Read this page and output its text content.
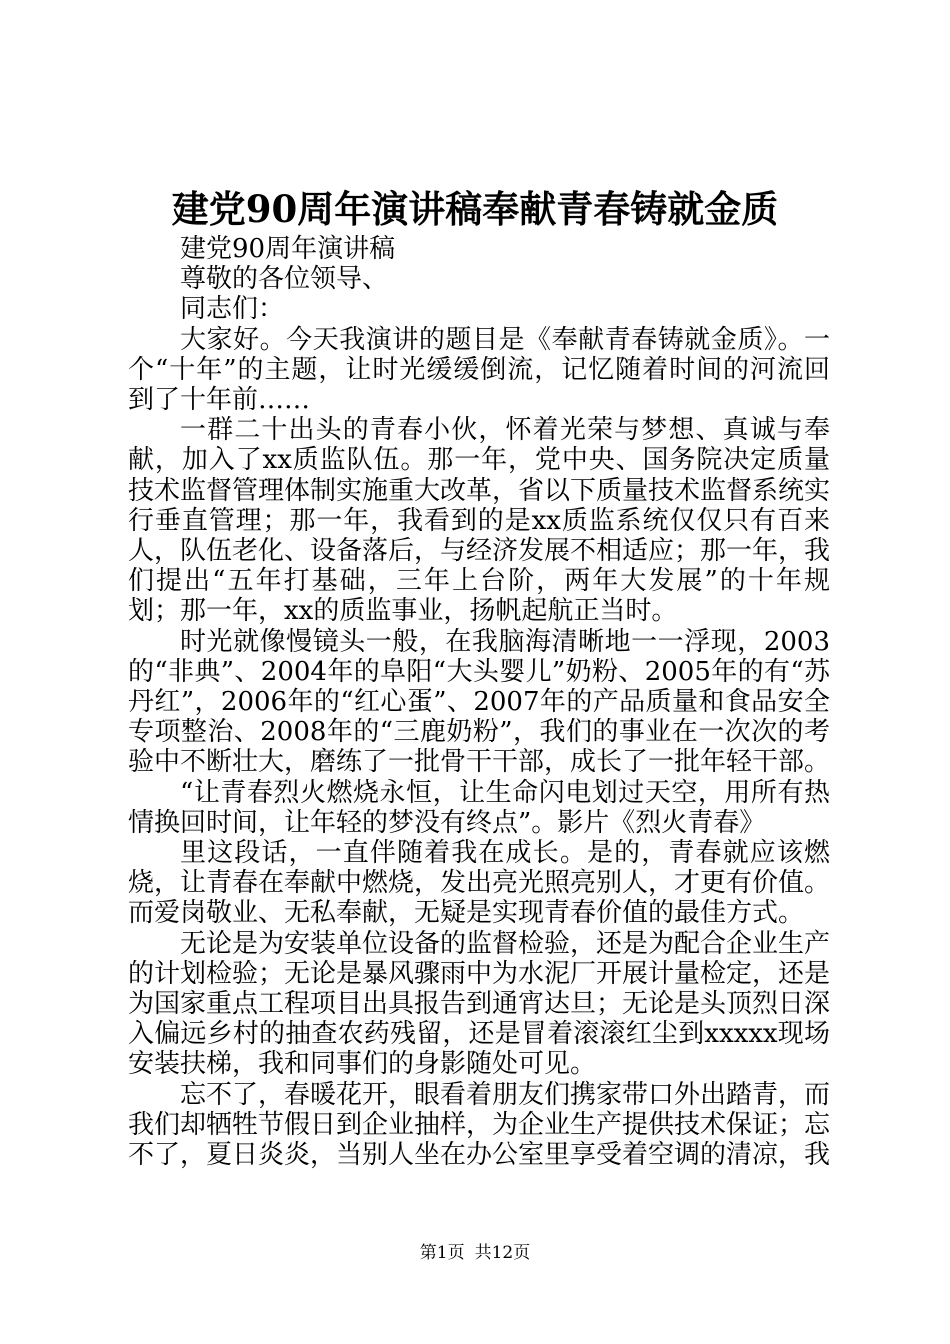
建党90周年演讲稿奉献青春铸就金质

建党90周年演讲稿

尊敬的各位领导、

同志们：

大家好。今天我演讲的题目是《奉献青春铸就金质》。一个“十年”的主题，让时光缓缓倒流，记忆随着时间的河流回到了十年前……

一群二十出头的青春小伙，怀着光荣与梦想、真诚与奉献，加入了xx质监队伍。那一年，党中央、国务院决定质量技术监督管理体制实施重大改革，省以下质量技术监督系统实行垂直管理；那一年，我看到的是xx质监系统仅仅只有百来人，队伍老化、设备落后，与经济发展不相适应；那一年，我们提出“五年打基础，三年上台阶，两年大发展”的十年规划；那一年，xx的质监事业，扬帆起航正当时。

时光就像慢镜头一般，在我脑海清晰地一一浮现，2003的“非典”、2004年的阜阳“大头婴儿”奶粉、2005年的有“苏丹红”，2006年的“红心蛋”、2007年的产品质量和食品安全专项整治、2008年的“三鹿奶粉”，我们的事业在一次次的考验中不断壮大，磨练了一批骨干干部，成长了一批年轻干部。

“让青春烈火燃烧永恒，让生命闪电划过天空，用所有热情换回时间，让年轻的梦没有终点”。影片《烈火青春》

里这段话，一直伴随着我在成长。是的，青春就应该燃烧，让青春在奉献中燃烧，发出亮光照亮别人，才更有价值。而爱岗敬业、无私奉献，无疑是实现青春价值的最佳方式。

无论是为安装单位设备的监督检验，还是为配合企业生产的计划检验；无论是暴风骤雨中为水泥厂开展计量检定，还是为国家重点工程项目出具报告到通宵达旦；无论是头顶烈日深入偏远乡村的抽查农药残留，还是冒着滚滚红尘到xxxxx现场安装扶梯，我和同事们的身影随处可见。

忘不了，春暖花开，眼看着朋友们携家带口外出踏青，而我们却牺牲节假日到企业抽样，为企业生产提供技术保证；忘不了，夏日炎炎，当别人坐在办公室里享受着空调的清凉，我

第1页 共12页
